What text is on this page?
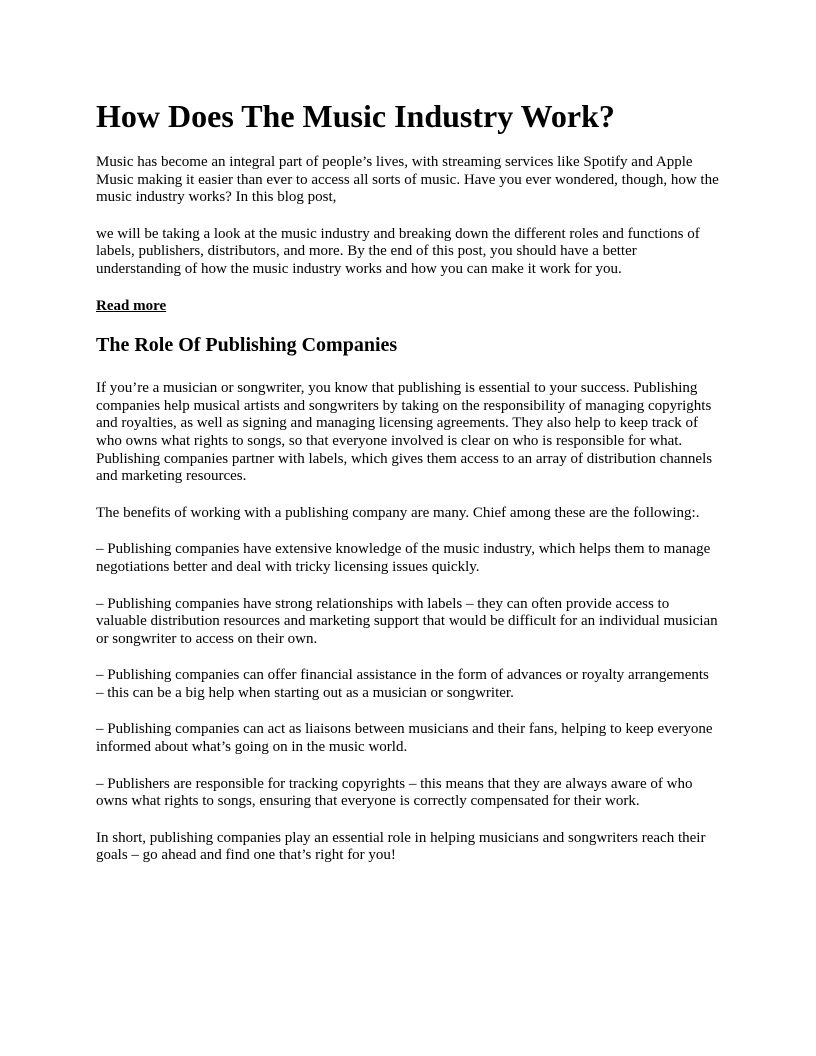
How Does The Music Industry Work?

Music has become an integral part of people’s lives, with streaming services like Spotify and Apple Music making it easier than ever to access all sorts of music. Have you ever wondered, though, how the music industry works? In this blog post,

we will be taking a look at the music industry and breaking down the different roles and functions of labels, publishers, distributors, and more. By the end of this post, you should have a better understanding of how the music industry works and how you can make it work for you.

Read more

The Role Of Publishing Companies

If you’re a musician or songwriter, you know that publishing is essential to your success. Publishing companies help musical artists and songwriters by taking on the responsibility of managing copyrights and royalties, as well as signing and managing licensing agreements. They also help to keep track of who owns what rights to songs, so that everyone involved is clear on who is responsible for what. Publishing companies partner with labels, which gives them access to an array of distribution channels and marketing resources.

The benefits of working with a publishing company are many. Chief among these are the following:.

– Publishing companies have extensive knowledge of the music industry, which helps them to manage negotiations better and deal with tricky licensing issues quickly.

– Publishing companies have strong relationships with labels – they can often provide access to valuable distribution resources and marketing support that would be difficult for an individual musician or songwriter to access on their own.

– Publishing companies can offer financial assistance in the form of advances or royalty arrangements – this can be a big help when starting out as a musician or songwriter.

– Publishing companies can act as liaisons between musicians and their fans, helping to keep everyone informed about what’s going on in the music world.

– Publishers are responsible for tracking copyrights – this means that they are always aware of who owns what rights to songs, ensuring that everyone is correctly compensated for their work.

In short, publishing companies play an essential role in helping musicians and songwriters reach their goals – go ahead and find one that’s right for you!
